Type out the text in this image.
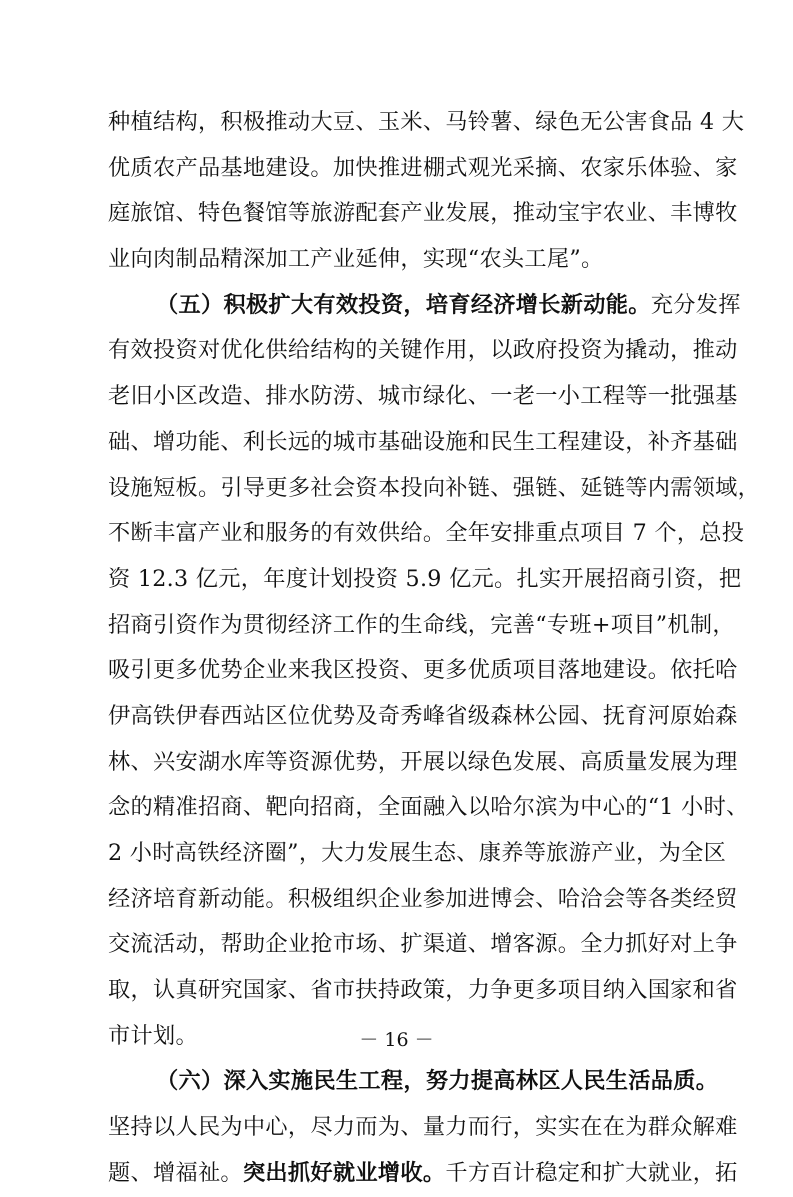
种植结构，积极推动大豆、玉米、马铃薯、绿色无公害食品 4 大
优质农产品基地建设。加快推进棚式观光采摘、农家乐体验、家
庭旅馆、特色餐馆等旅游配套产业发展，推动宝宇农业、丰博牧
业向肉制品精深加工产业延伸，实现“农头工尾”。
（五）积极扩大有效投资，培育经济增长新动能。充分发挥
有效投资对优化供给结构的关键作用，以政府投资为撬动，推动
老旧小区改造、排水防涝、城市绿化、一老一小工程等一批强基
础、增功能、利长远的城市基础设施和民生工程建设，补齐基础
设施短板。引导更多社会资本投向补链、强链、延链等内需领域，
不断丰富产业和服务的有效供给。全年安排重点项目 7 个，总投
资 12.3 亿元，年度计划投资 5.9 亿元。扎实开展招商引资，把
招商引资作为贯彻经济工作的生命线，完善“专班+项目”机制，
吸引更多优势企业来我区投资、更多优质项目落地建设。依托哈
伊高铁伊春西站区位优势及奇秀峰省级森林公园、抚育河原始森
林、兴安湖水库等资源优势，开展以绿色发展、高质量发展为理
念的精准招商、靶向招商，全面融入以哈尔滨为中心的“1 小时、
2 小时高铁经济圈”，大力发展生态、康养等旅游产业，为全区
经济培育新动能。积极组织企业参加进博会、哈洽会等各类经贸
交流活动，帮助企业抢市场、扩渠道、增客源。全力抓好对上争
取，认真研究国家、省市扶持政策，力争更多项目纳入国家和省
市计划。
（六）深入实施民生工程，努力提高林区人民生活品质。
坚持以人民为中心，尽力而为、量力而行，实实在在为群众解难
题、增福祉。突出抓好就业增收。千方百计稳定和扩大就业，拓
－ 16 －
